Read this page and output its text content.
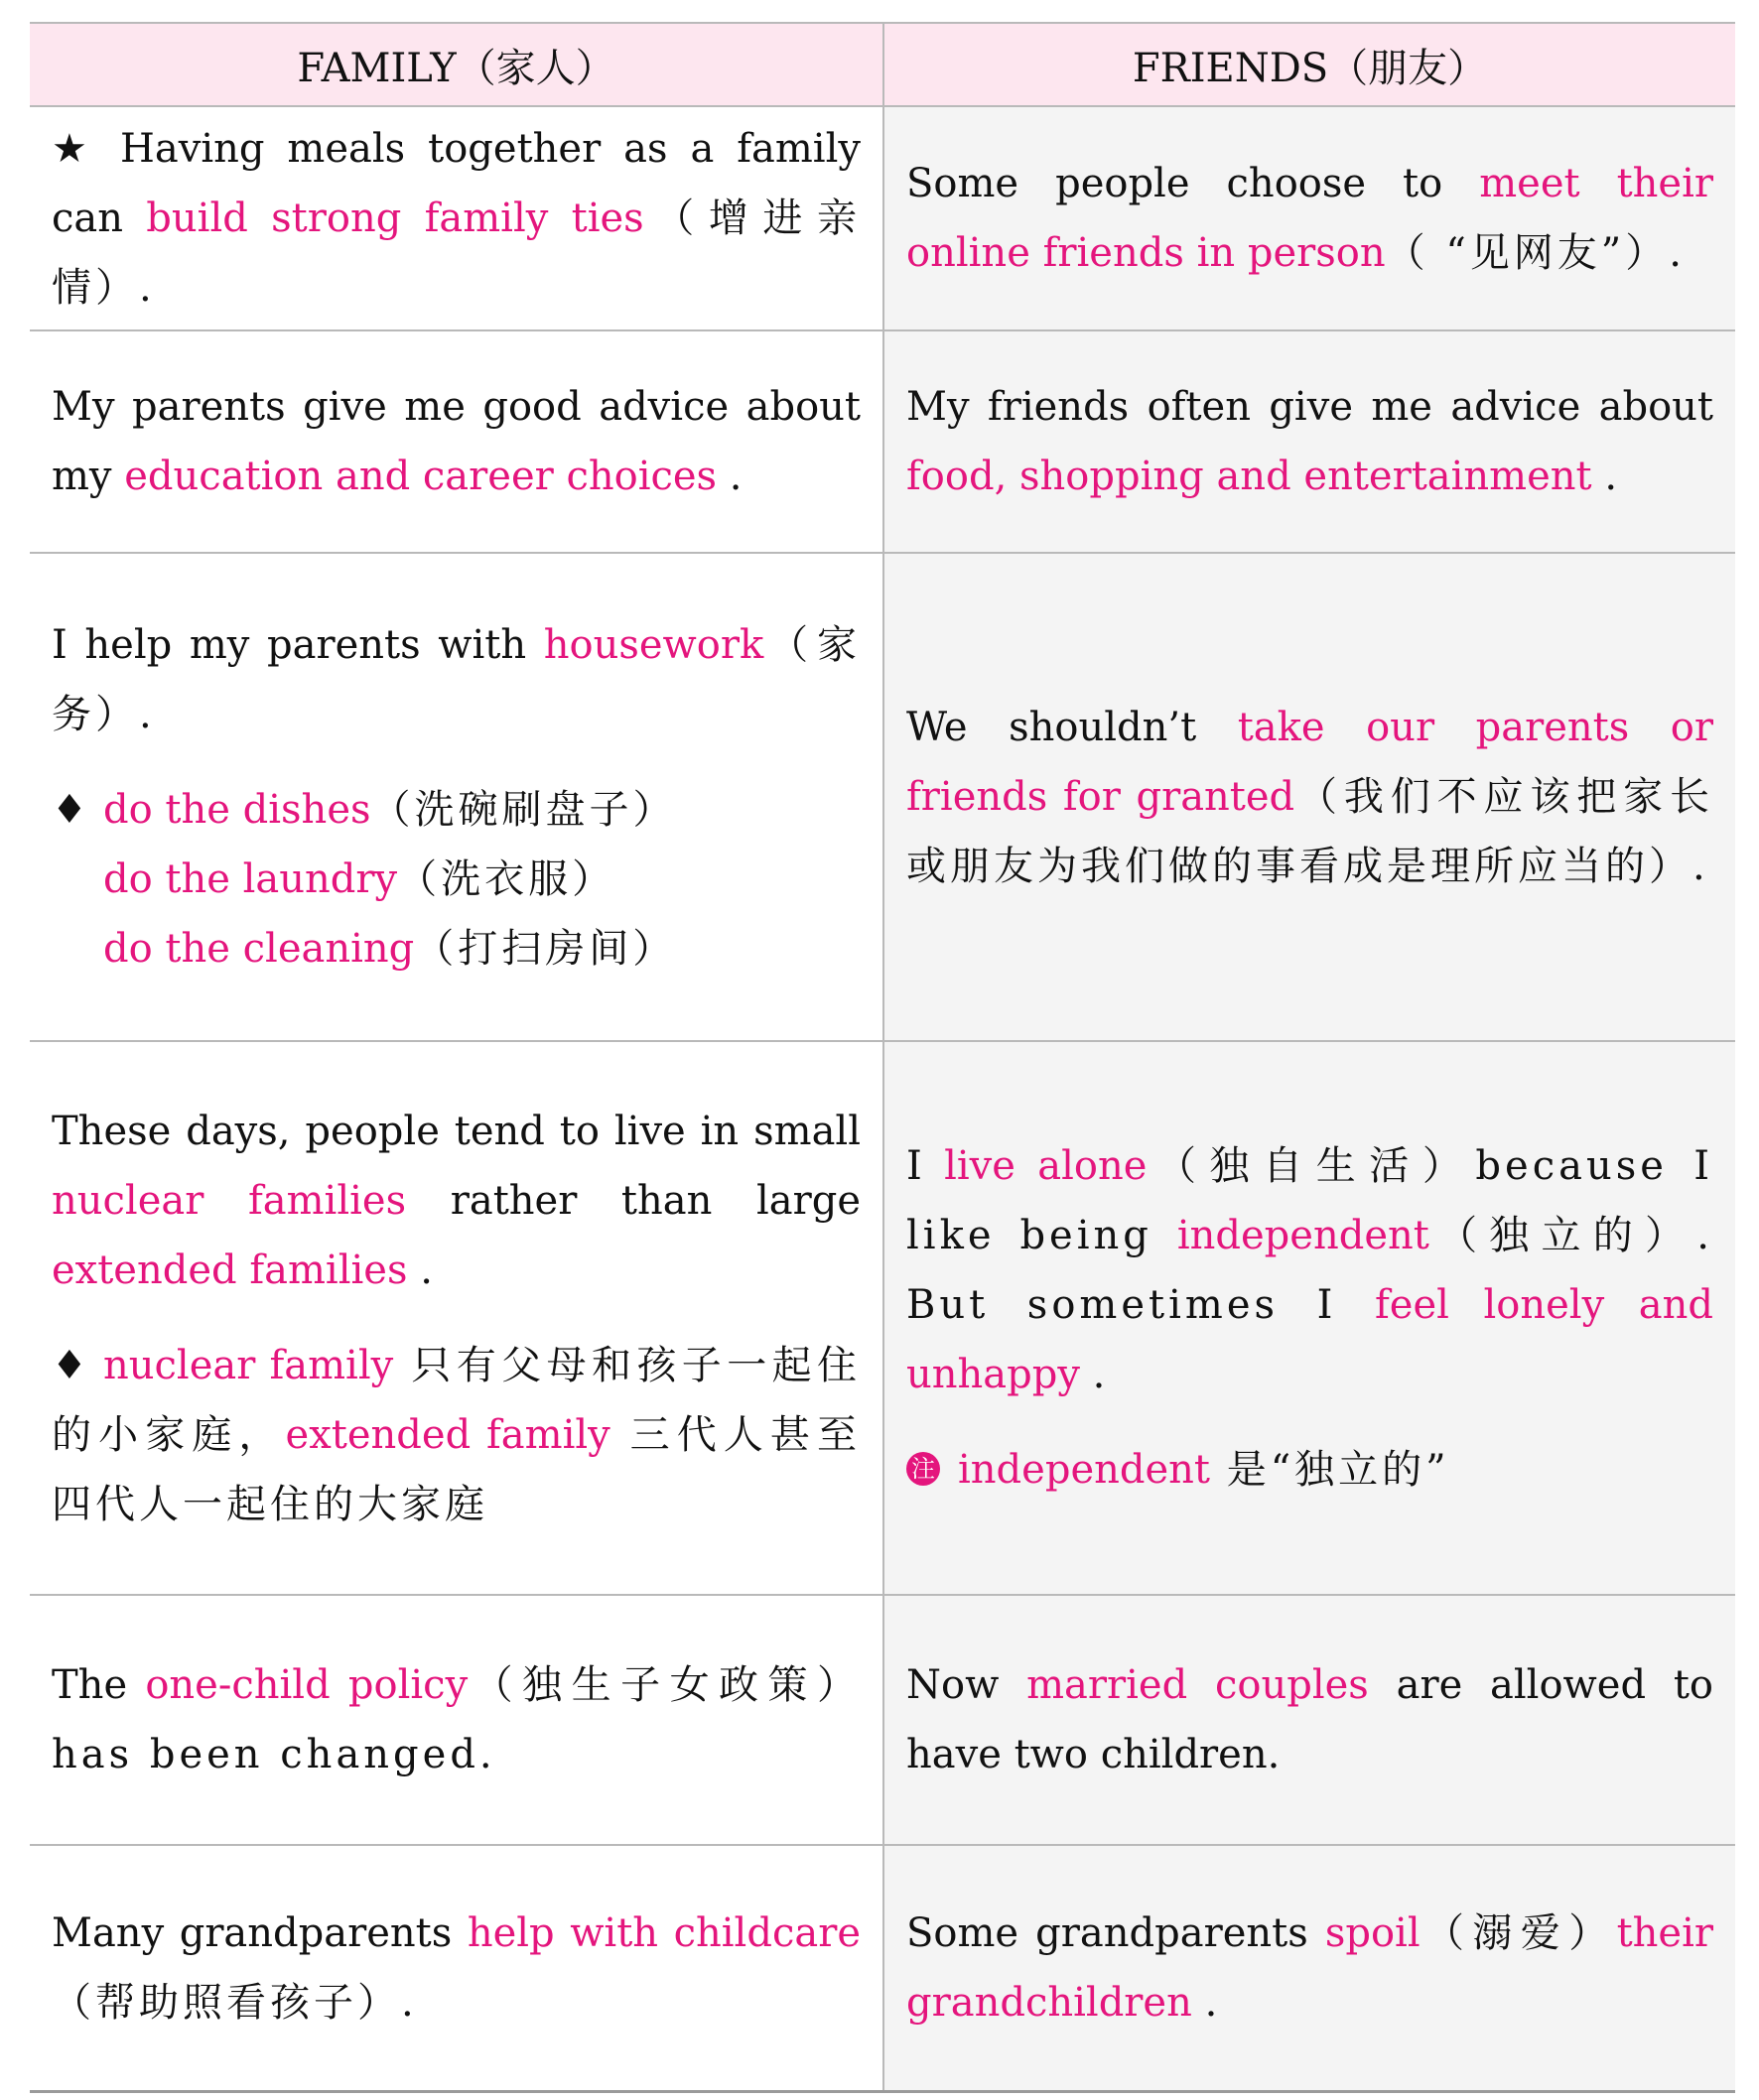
FAMILY（家人）	FRIENDS（朋友）

★ Having meals together as a family can build strong family ties（增进亲情）.

Some people choose to meet their online friends in person（ “见网友”）.

My parents give me good advice about my education and career choices .

My friends often give me advice about food, shopping and entertainment .

I help my parents with housework（家务）.

♦ do the dishes（洗碗刷盘子）

do the laundry（洗衣服）

do the cleaning（打扫房间）

We shouldn’t take our parents or friends for granted（我们不应该把家长或朋友为我们做的事看成是理所应当的）.

These days, people tend to live in small nuclear families rather than large extended families .

♦ nuclear family 只有父母和孩子一起住的小家庭，extended family 三代人甚至四代人一起住的大家庭

I live alone（独自生活）because I like being independent（独立的）. But sometimes I feel lonely and unhappy .

注 independent 是“独立的”

The one-child policy（独生子女政策）has been changed.

Now married couples are allowed to have two children.

Many grandparents help with childcare（帮助照看孩子）.

Some grandparents spoil（溺爱）their grandchildren .
